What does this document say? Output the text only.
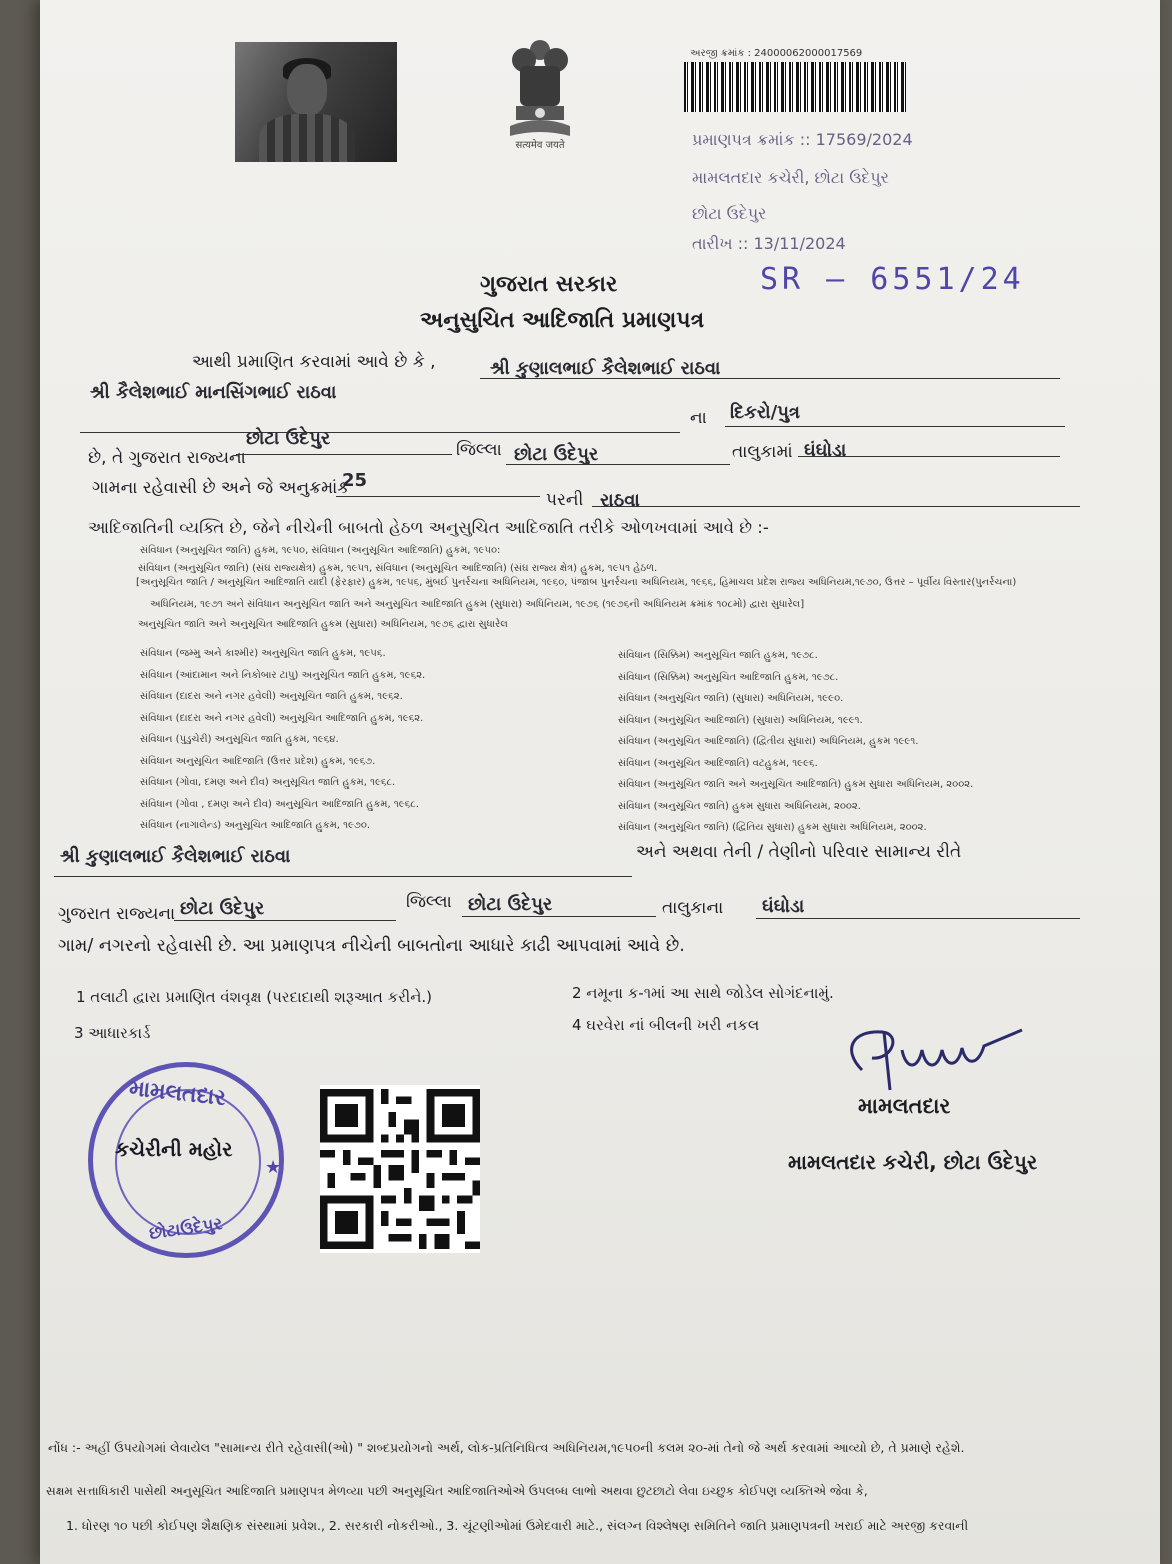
सत्यमेव जयते
અરજી ક્રમાંક : 24000062000017569
પ્રમાણપત્ર ક્રમાંક :: 17569/2024
મામલતદાર કચેરી, છોટા ઉદેપુર
છોટા ઉદેપુર
તારીખ :: 13/11/2024
SR — 6551/24
ગુજરાત સરકાર
અનુસુચિત આદિજાતિ પ્રમાણપત્ર
આથી પ્રમાણિત કરવામાં આવે છે કે ,	શ્રી કુણાલભાઈ કૈલેશભાઈ રાઠવા
શ્રી કૈલેશભાઈ માનસિંગભાઈ રાઠવા
ના દિકરો/પુત્ર
છે, તે ગુજરાત રાજ્યના
છોટા ઉદેપુર
જિલ્લા છોટા ઉદેપુર	તાલુકામાં ઘંઘોડા
ગામના રહેવાસી છે અને જે અનુક્રમાંક
25
પરની રાઠવા
આદિજાતિની વ્યક્તિ છે, જેને નીચેની બાબતો હેઠળ અનુસુચિત આદિજાતિ તરીકે ઓળખવામાં આવે છે :-
સંવિધાન (અનુસૂચિત જાતિ) હુકમ, ૧૯૫૦, સંવિધાન (અનુસૂચિત આદિજાતિ) હુકમ, ૧૯૫૦:
સંવિધાન (અનુસૂચિત જાતિ) (સંઘ રાજ્યક્ષેત્ર) હુકમ, ૧૯૫૧, સંવિધાન (અનુસૂચિત આદિજાતિ) (સંઘ રાજ્ય ક્ષેત્ર) હુકમ, ૧૯૫૧ હેઠળ.
[અનુસૂચિત જાતિ / અનુસૂચિત આદિજાતિ યાદી (ફેરફાર) હુકમ, ૧૯૫૬, મુંબઈ પુનર્રચના અધિનિયમ, ૧૯૬૦, પંજાબ પુનર્રચના અધિનિયમ, ૧૯૬૬, હિમાચલ પ્રદેશ રાજ્ય અધિનિયમ,૧૯૭૦, ઉત્તર – પૂર્વીય વિસ્તાર(પુનર્રચના)
અધિનિયમ, ૧૯૭૧ અને સંવિધાન અનુસૂચિત જાતિ અને અનુસૂચિત આદિજાતિ હુકમ (સુધારા) અધિનિયમ, ૧૯૭૬ (૧૯૭૬ની અધિનિયમ ક્રમાંક ૧૦૮મો) દ્વારા સુધારેલ]
અનુસૂચિત જાતિ અને અનુસૂચિત આદિજાતિ હુકમ (સુધારા) અધિનિયમ, ૧૯૭૬ દ્વારા સુધારેલ
સંવિધાન (જમ્મુ અને કાશ્મીર) અનુસૂચિત જાતિ હુકમ, ૧૯૫૬.
સંવિધાન (આંદામાન અને નિકોબાર ટાપુ) અનુસૂચિત જાતિ હુકમ, ૧૯૬૨.
સંવિધાન (દાદરા અને નગર હવેલી) અનુસૂચિત જાતિ હુકમ, ૧૯૬૨.
સંવિધાન (દાદરા અને નગર હવેલી) અનુસૂચિત આદિજાતિ હુકમ, ૧૯૬૨.
સંવિધાન (પુડુચેરી) અનુસૂચિત જાતિ હુકમ, ૧૯૬૪.
સંવિધાન અનુસૂચિત આદિજાતિ (ઉત્તર પ્રદેશ) હુકમ, ૧૯૬૭.
સંવિધાન (ગોવા, દમણ અને દીવ) અનુસૂચિત જાતિ હુકમ, ૧૯૬૮.
સંવિધાન (ગોવા , દમણ અને દીવ) અનુસૂચિત આદિજાતિ હુકમ, ૧૯૬૮.
સંવિધાન (નાગાલેન્ડ) અનુસૂચિત આદિજાતિ હુકમ, ૧૯૭૦.
સંવિધાન (સિક્કિમ) અનુસૂચિત જાતિ હુકમ, ૧૯૭૮.
સંવિધાન (સિક્કિમ) અનુસૂચિત આદિજાતિ હુકમ, ૧૯૭૮.
સંવિધાન (અનુસૂચિત જાતિ) (સુધારા) અધિનિયમ, ૧૯૯૦.
સંવિધાન (અનુસૂચિત આદિજાતિ) (સુધારા) અધિનિયમ, ૧૯૯૧.
સંવિધાન (અનુસૂચિત આદિજાતિ) (દ્વિતીય સુધારા) અધિનિયમ, હુકમ ૧૯૯૧.
સંવિધાન (અનુસૂચિત આદિજાતિ) વટહુકમ, ૧૯૯૬.
સંવિધાન (અનુસૂચિત જાતિ અને અનુસૂચિત આદિજાતિ) હુકમ સુધારા અધિનિયમ, ૨૦૦૨.
સંવિધાન (અનુસૂચિત જાતિ) હુકમ સુધારા અધિનિયમ, ૨૦૦૨.
સંવિધાન (અનુસૂચિત જાતિ) (દ્વિતિય સુધારા) હુકમ સુધારા અધિનિયમ, ૨૦૦૨.
શ્રી કુણાલભાઈ કૈલેશભાઈ રાઠવા	અને અથવા તેની / તેણીનો પરિવાર સામાન્ય રીતે
ગુજરાત રાજ્યના છોટા ઉદેપુર	જિલ્લા છોટા ઉદેપુર	તાલુકાના ઘંઘોડા
ગામ/ નગરનો રહેવાસી છે. આ પ્રમાણપત્ર નીચેની બાબતોના આધારે કાઢી આપવામાં આવે છે.
1 તલાટી દ્વારા પ્રમાણિત વંશવૃક્ષ (પરદાદાથી શરૂઆત કરીને.)	2 નમૂના ક-૧માં આ સાથે જોડેલ સોગંદનામું.
3 આધારકાર્ડ	4 ઘરવેરા નાં બીલની ખરી નકલ
મામલતદાર
કચેરીની મહોર
છોટાઉદેપુર
★
મામલતદાર
મામલતદાર કચેરી, છોટા ઉદેપુર
નોંધ :- અહીં ઉપયોગમાં લેવાયેલ "સામાન્ય રીતે રહેવાસી(ઓ) " શબ્દપ્રયોગનો અર્થ, લોક-પ્રતિનિધિત્વ અધિનિયમ,૧૯૫૦ની કલમ ૨૦-માં તેનો જે અર્થ કરવામાં આવ્યો છે, તે પ્રમાણે રહેશે.
સક્ષમ સત્તાધિકારી પાસેથી અનુસૂચિત આદિજાતિ પ્રમાણપત્ર મેળવ્યા પછી અનુસૂચિત આદિજાતિઓએ ઉપલબ્ધ લાભો અથવા છુટછાટો લેવા ઇચ્છુક કોઈપણ વ્યક્તિએ જેવા કે,
1. ધોરણ ૧૦ પછી કોઈપણ શૈક્ષણિક સંસ્થામાં પ્રવેશ., 2. સરકારી નોકરીઓ., 3. ચૂંટણીઓમાં ઉમેદવારી માટે., સંલગ્ન વિશ્લેષણ સમિતિને જાતિ પ્રમાણપત્રની ખરાઈ માટે અરજી કરવાની
